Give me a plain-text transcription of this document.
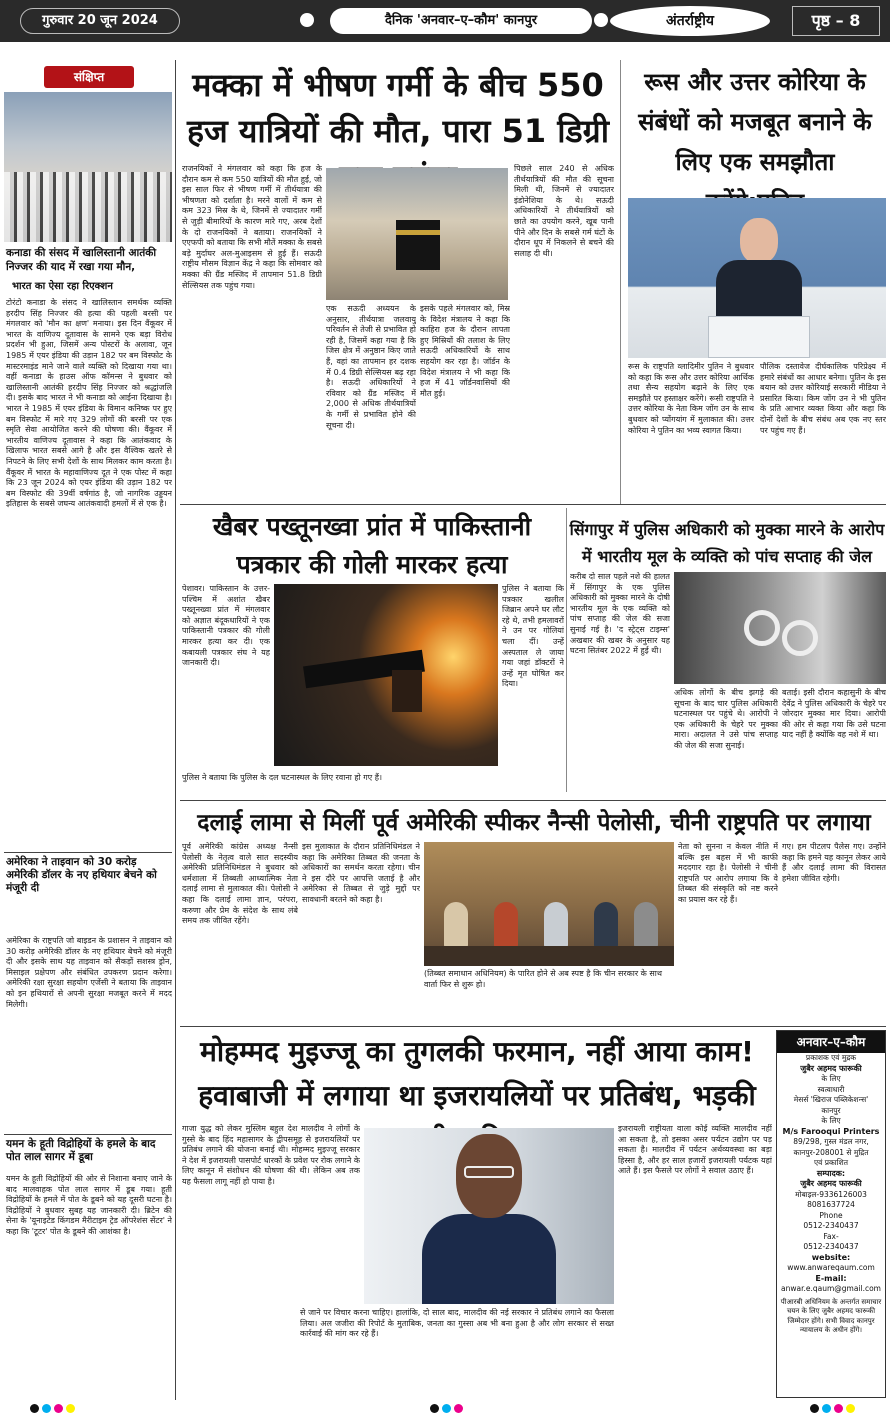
गुरुवार 20 जून 2024	दैनिक 'अनवार–ए–कौम' कानपुर	अंतर्राष्ट्रीय	पृष्ठ – 8
संक्षिप्त
कनाडा की संसद में खालिस्तानी आतंकी निज्जर की याद में रखा गया मौन,
भारत का ऐसा रहा रिएक्शन
टोरंटो कनाडा के संसद ने खालिस्तान समर्थक व्यक्ति हरदीप सिंह निज्जर की हत्या की पहली बरसी पर मंगलवार को 'मौन का क्षण' मनाया। इस दिन वैंकूवर में भारत के वाणिज्य दूतावास के सामने एक बड़ा विरोध प्रदर्शन भी हुआ, जिसमें अन्य पोस्टरों के अलावा, जून 1985 में एयर इंडिया की उड़ान 182 पर बम विस्फोट के मास्टरमाइंड माने जाने वाले व्यक्ति को दिखाया गया था। वहीं कनाडा के हाउस ऑफ कॉमन्स ने बुधवार को खालिस्तानी आतंकी हरदीप सिंह निज्जर को श्रद्धांजलि दी। इसके बाद भारत ने भी कनाडा को आईना दिखाया है। भारत ने 1985 में एयर इंडिया के विमान कनिष्क पर हुए बम विस्फोट में मारे गए 329 लोगों की बरसी पर एक स्मृति सेवा आयोजित करने की घोषणा की। वैंकूवर में भारतीय वाणिज्य दूतावास ने कहा कि आतंकवाद के खिलाफ भारत सबसे आगे है और इस वैश्विक खतरे से निपटने के लिए सभी देशों के साथ मिलकर काम करता है। वैंकूवर में भारत के महावाणिज्य दूत ने एक पोस्ट में कहा कि 23 जून 2024 को एयर इंडिया की उड़ान 182 पर बम विस्फोट की 39वीं वर्षगांठ है, जो नागरिक उड्डयन इतिहास के सबसे जघन्य आतंकवादी हमलों में से एक है।
अमेरिका ने ताइवान को 30 करोड़ अमेरिकी डॉलर के नए हथियार बेचने को मंजूरी दी
अमेरिका के राष्ट्रपति जो बाइडन के प्रशासन ने ताइवान को 30 करोड़ अमेरिकी डॉलर के नए हथियार बेचने को मंजूरी दी और इसके साथ यह ताइवान को सैकड़ों सशस्त्र ड्रोन, मिसाइल प्रक्षेपण और संबंधित उपकरण प्रदान करेगा। अमेरिकी रक्षा सुरक्षा सहयोग एजेंसी ने बताया कि ताइवान को इन हथियारों से अपनी सुरक्षा मजबूत करने में मदद मिलेगी।
यमन के हूती विद्रोहियों के हमले के बाद पोत लाल सागर में डूबा
यमन के हूती विद्रोहियों की ओर से निशाना बनाए जाने के बाद मालवाहक पोत लाल सागर में डूब गया। हूती विद्रोहियों के हमले में पोत के डूबने को यह दूसरी घटना है। विद्रोहियों ने बुधवार सुबह यह जानकारी दी। ब्रिटेन की सेना के 'यूनाइटेड किंगडम मैरीटाइम ट्रेड ऑपरेशंस सेंटर' ने कहा कि 'टूटर' पोत के डूबने की आशंका है।
मक्का में भीषण गर्मी के बीच 550 हज यात्रियों की मौत, पारा 51 डिग्री
राजनयिकों ने मंगलवार को कहा कि हज के दौरान कम से कम 550 यात्रियों की मौत हुई, जो इस साल फिर से भीषण गर्मी में तीर्थयात्रा की भीषणता को दर्शाता है। मरने वालों में कम से कम 323 मिस्र के थे, जिनमें से ज्यादातर गर्मी से जुड़ी बीमारियों के कारण मारे गए, अरब देशों के दो राजनयिकों ने बताया। राजनयिकों ने एएफपी को बताया कि सभी मौतें मक्का के सबसे बड़े मुर्दाघर अल-मुआइसम से हुई हैं। सऊदी राष्ट्रीय मौसम विज्ञान केंद्र ने कहा कि सोमवार को मक्का की ग्रैंड मस्जिद में तापमान 51.8 डिग्री सेल्सियस तक पहुंच गया।
एक सऊदी अध्ययन के अनुसार, तीर्थयात्रा जलवायु परिवर्तन से तेजी से प्रभावित हो रही है, जिसमें कहा गया है कि जिस क्षेत्र में अनुष्ठान किए जाते हैं, वहां का तापमान हर दशक में 0.4 डिग्री सेल्सियस बढ़ रहा है। सऊदी अधिकारियों ने रविवार को ग्रैंड मस्जिद में 2,000 से अधिक तीर्थयात्रियों के गर्मी से प्रभावित होने की सूचना दी।
इसके पहले मंगलवार को, मिस्र के विदेश मंत्रालय ने कहा कि काहिरा हज के दौरान लापता हुए मिस्रियों की तलाश के लिए सऊदी अधिकारियों के साथ सहयोग कर रहा है। जॉर्डन के विदेश मंत्रालय ने भी कहा कि हज में 41 जॉर्डनवासियों की मौत हुई।
पिछले साल 240 से अधिक तीर्थयात्रियों की मौत की सूचना मिली थी, जिनमें से ज्यादातर इंडोनेशिया के थे। सऊदी अधिकारियों ने तीर्थयात्रियों को छाते का उपयोग करने, खूब पानी पीने और दिन के सबसे गर्म घंटों के दौरान धूप में निकलने से बचने की सलाह दी थी।
रूस और उत्तर कोरिया के संबंधों को मजबूत बनाने के लिए एक समझौता
रूस के राष्ट्रपति व्लादिमीर पुतिन ने बुधवार को कहा कि रूस और उत्तर कोरिया आर्थिक तथा सैन्य सहयोग बढ़ाने के लिए एक समझौते पर हस्ताक्षर करेंगे। रूसी राष्ट्रपति ने उत्तर कोरिया के नेता किम जोंग उन के साथ बुधवार को प्योंगयांग में मुलाकात की। उत्तर कोरिया ने पुतिन का भव्य स्वागत किया।
पौलिक दस्तावेज दीर्घकालिक परिप्रेक्ष्य में हमारे संबंधों का आधार बनेगा। पुतिन के इस बयान को उत्तर कोरियाई सरकारी मीडिया ने प्रसारित किया। किम जोंग उन ने भी पुतिन के प्रति आभार व्यक्त किया और कहा कि दोनों देशों के बीच संबंध अब एक नए स्तर पर पहुंच गए हैं।
खैबर पख्तूनख्वा प्रांत में पाकिस्तानी पत्रकार की गोली मारकर हत्या
पेशावर। पाकिस्तान के उत्तर-पश्चिम में अशांत खैबर पख्तूनख्वा प्रांत में मंगलवार को अज्ञात बंदूकधारियों ने एक पाकिस्तानी पत्रकार की गोली मारकर हत्या कर दी। एक कबायली पत्रकार संघ ने यह जानकारी दी।
पुलिस ने बताया कि पत्रकार खलील जिब्रान अपने घर लौट रहे थे, तभी हमलावरों ने उन पर गोलियां चला दीं। उन्हें अस्पताल ले जाया गया जहां डॉक्टरों ने उन्हें मृत घोषित कर दिया।
पुलिस ने बताया कि पुलिस के दल घटनास्थल के लिए रवाना हो गए हैं।
सिंगापुर में पुलिस अधिकारी को मुक्का मारने के आरोप में भारतीय मूल के व्यक्ति को पांच सप्ताह की जेल
करीब दो साल पहले नशे की हालत में सिंगापुर के एक पुलिस अधिकारी को मुक्का मारने के दोषी भारतीय मूल के एक व्यक्ति को पांच सप्ताह की जेल की सजा सुनाई गई है। 'द स्ट्रेट्स टाइम्स' अखबार की खबर के अनुसार यह घटना सितंबर 2022 में हुई थी।
अधिक लोगों के बीच झगड़े की सूचना के बाद चार पुलिस अधिकारी घटनास्थल पर पहुंचे थे। आरोपी ने एक अधिकारी के चेहरे पर मुक्का मारा। अदालत ने उसे पांच सप्ताह की जेल की सजा सुनाई।
बताई। इसी दौरान कहासुनी के बीच देवेंद्र ने पुलिस अधिकारी के चेहरे पर जोरदार मुक्का मार दिया। आरोपी की ओर से कहा गया कि उसे घटना याद नहीं है क्योंकि वह नशे में था।
दलाई लामा से मिलीं पूर्व अमेरिकी स्पीकर नैन्सी पेलोसी, चीनी राष्ट्रपति पर लगाया
पूर्व अमेरिकी कांग्रेस अध्यक्ष नैन्सी पेलोसी के नेतृत्व वाले सात सदस्यीय अमेरिकी प्रतिनिधिमंडल ने बुधवार को धर्मशाला में तिब्बती आध्यात्मिक नेता दलाई लामा से मुलाकात की। पेलोसी ने कहा कि दलाई लामा ज्ञान, परंपरा, करुणा और प्रेम के संदेश के साथ लंबे समय तक जीवित रहेंगे।
इस मुलाकात के दौरान प्रतिनिधिमंडल ने कहा कि अमेरिका तिब्बत की जनता के अधिकारों का समर्थन करता रहेगा। चीन ने इस दौरे पर आपत्ति जताई है और अमेरिका से तिब्बत से जुड़े मुद्दों पर सावधानी बरतने को कहा है।
(तिब्बत समाधान अधिनियम) के पारित होने से अब स्पष्ट है कि चीन सरकार के साथ वार्ता फिर से शुरू हो।
नेता को सुनना न केवल नीति में बल्कि इस बहस में भी काफी मददगार रहा है। पेलोसी ने चीनी राष्ट्रपति पर आरोप लगाया कि वे तिब्बत की संस्कृति को नष्ट करने का प्रयास कर रहे हैं।
गए। हम पीटलप पैलेस गए। उन्होंने कहा कि हमने यह कानून लेकर आये हैं और दलाई लामा की विरासत हमेशा जीवित रहेगी।
मोहम्मद मुइज्जू का तुगलकी फरमान, नहीं आया काम! हवाबाजी में लगाया था इजरायलियों पर प्रतिबंध, भड़की
गाजा युद्ध को लेकर मुस्लिम बहुल देश मालदीव ने लोगों के गुस्से के बाद हिंद महासागर के द्वीपसमूह से इजरायलियों पर प्रतिबंध लगाने की योजना बनाई थी। मोहम्मद मुइज्जू सरकार ने देश में इजरायली पासपोर्ट धारकों के प्रवेश पर रोक लगाने के लिए कानून में संशोधन की घोषणा की थी। लेकिन अब तक यह फैसला लागू नहीं हो पाया है।
इजरायली राष्ट्रीयता वाला कोई व्यक्ति मालदीव नहीं आ सकता है, तो इसका असर पर्यटन उद्योग पर पड़ सकता है। मालदीव में पर्यटन अर्थव्यवस्था का बड़ा हिस्सा है, और हर साल हजारों इजरायली पर्यटक यहां आते हैं। इस फैसले पर लोगों ने सवाल उठाए हैं।
से जाने पर विचार करना चाहिए। हालांकि, दो साल बाद, मालदीव की नई सरकार ने प्रतिबंध लगाने का फैसला लिया। अल जजीरा की रिपोर्ट के मुताबिक, जनता का गुस्सा अब भी बना हुआ है और लोग सरकार से सख्त कार्रवाई की मांग कर रहे हैं।
अनवार–ए–कौम
प्रकाशक एवं मुद्रक
जुबैर अहमद फारूकी
के लिए
स्वत्वाधारी
मेसर्स 'खिराज पब्लिकेशन्स'
कानपुर
के लिए
M/s Farooqui Printers
89/298, गुस्ल मंडल नगर,
कानपुर-208001 से मुद्रित
एवं प्रकाशित
सम्पादक:
जुबैर अहमद फारूकी
मोबाइल-9336126003
8081637724
Phone
0512-2340437
Fax-
0512-2340437
website:
www.anwareqaum.com
E-mail:
anwar.e.qaum@gmail.com
पीआरबी अधिनियम के अन्तर्गत समाचार चयन के लिए जुबैर अहमद फारूकी जिम्मेदार होंगे। सभी विवाद कानपुर न्यायालय के अधीन होंगे।
